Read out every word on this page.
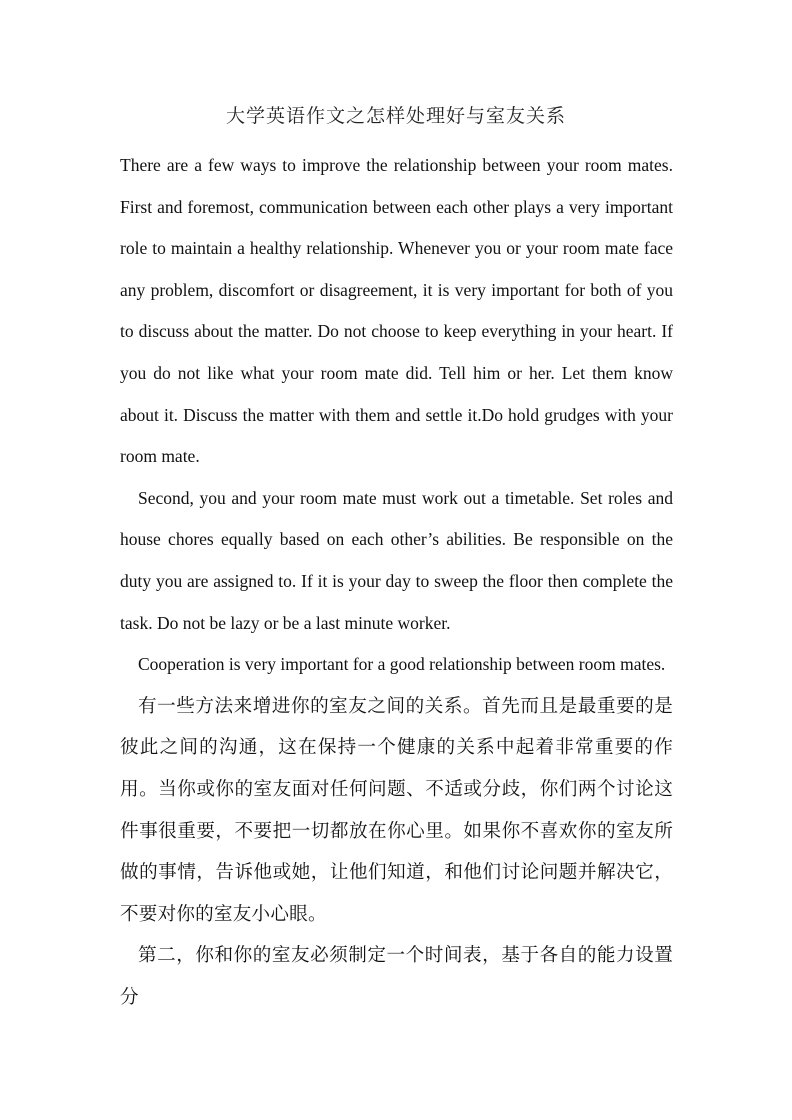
大学英语作文之怎样处理好与室友关系

There are a few ways to improve the relationship between your room mates. First and foremost, communication between each other plays a very important role to maintain a healthy relationship. Whenever you or your room mate face any problem, discomfort or disagreement, it is very important for both of you to discuss about the matter. Do not choose to keep everything in your heart. If you do not like what your room mate did. Tell him or her. Let them know about it. Discuss the matter with them and settle it.Do hold grudges with your room mate.

Second, you and your room mate must work out a timetable. Set roles and house chores equally based on each other’s abilities. Be responsible on the duty you are assigned to. If it is your day to sweep the floor then complete the task. Do not be lazy or be a last minute worker.

Cooperation is very important for a good relationship between room mates.

有一些方法来增进你的室友之间的关系。首先而且是最重要的是彼此之间的沟通，这在保持一个健康的关系中起着非常重要的作用。当你或你的室友面对任何问题、不适或分歧，你们两个讨论这件事很重要，不要把一切都放在你心里。如果你不喜欢你的室友所做的事情，告诉他或她，让他们知道，和他们讨论问题并解决它，不要对你的室友小心眼。

第二，你和你的室友必须制定一个时间表，基于各自的能力设置分
